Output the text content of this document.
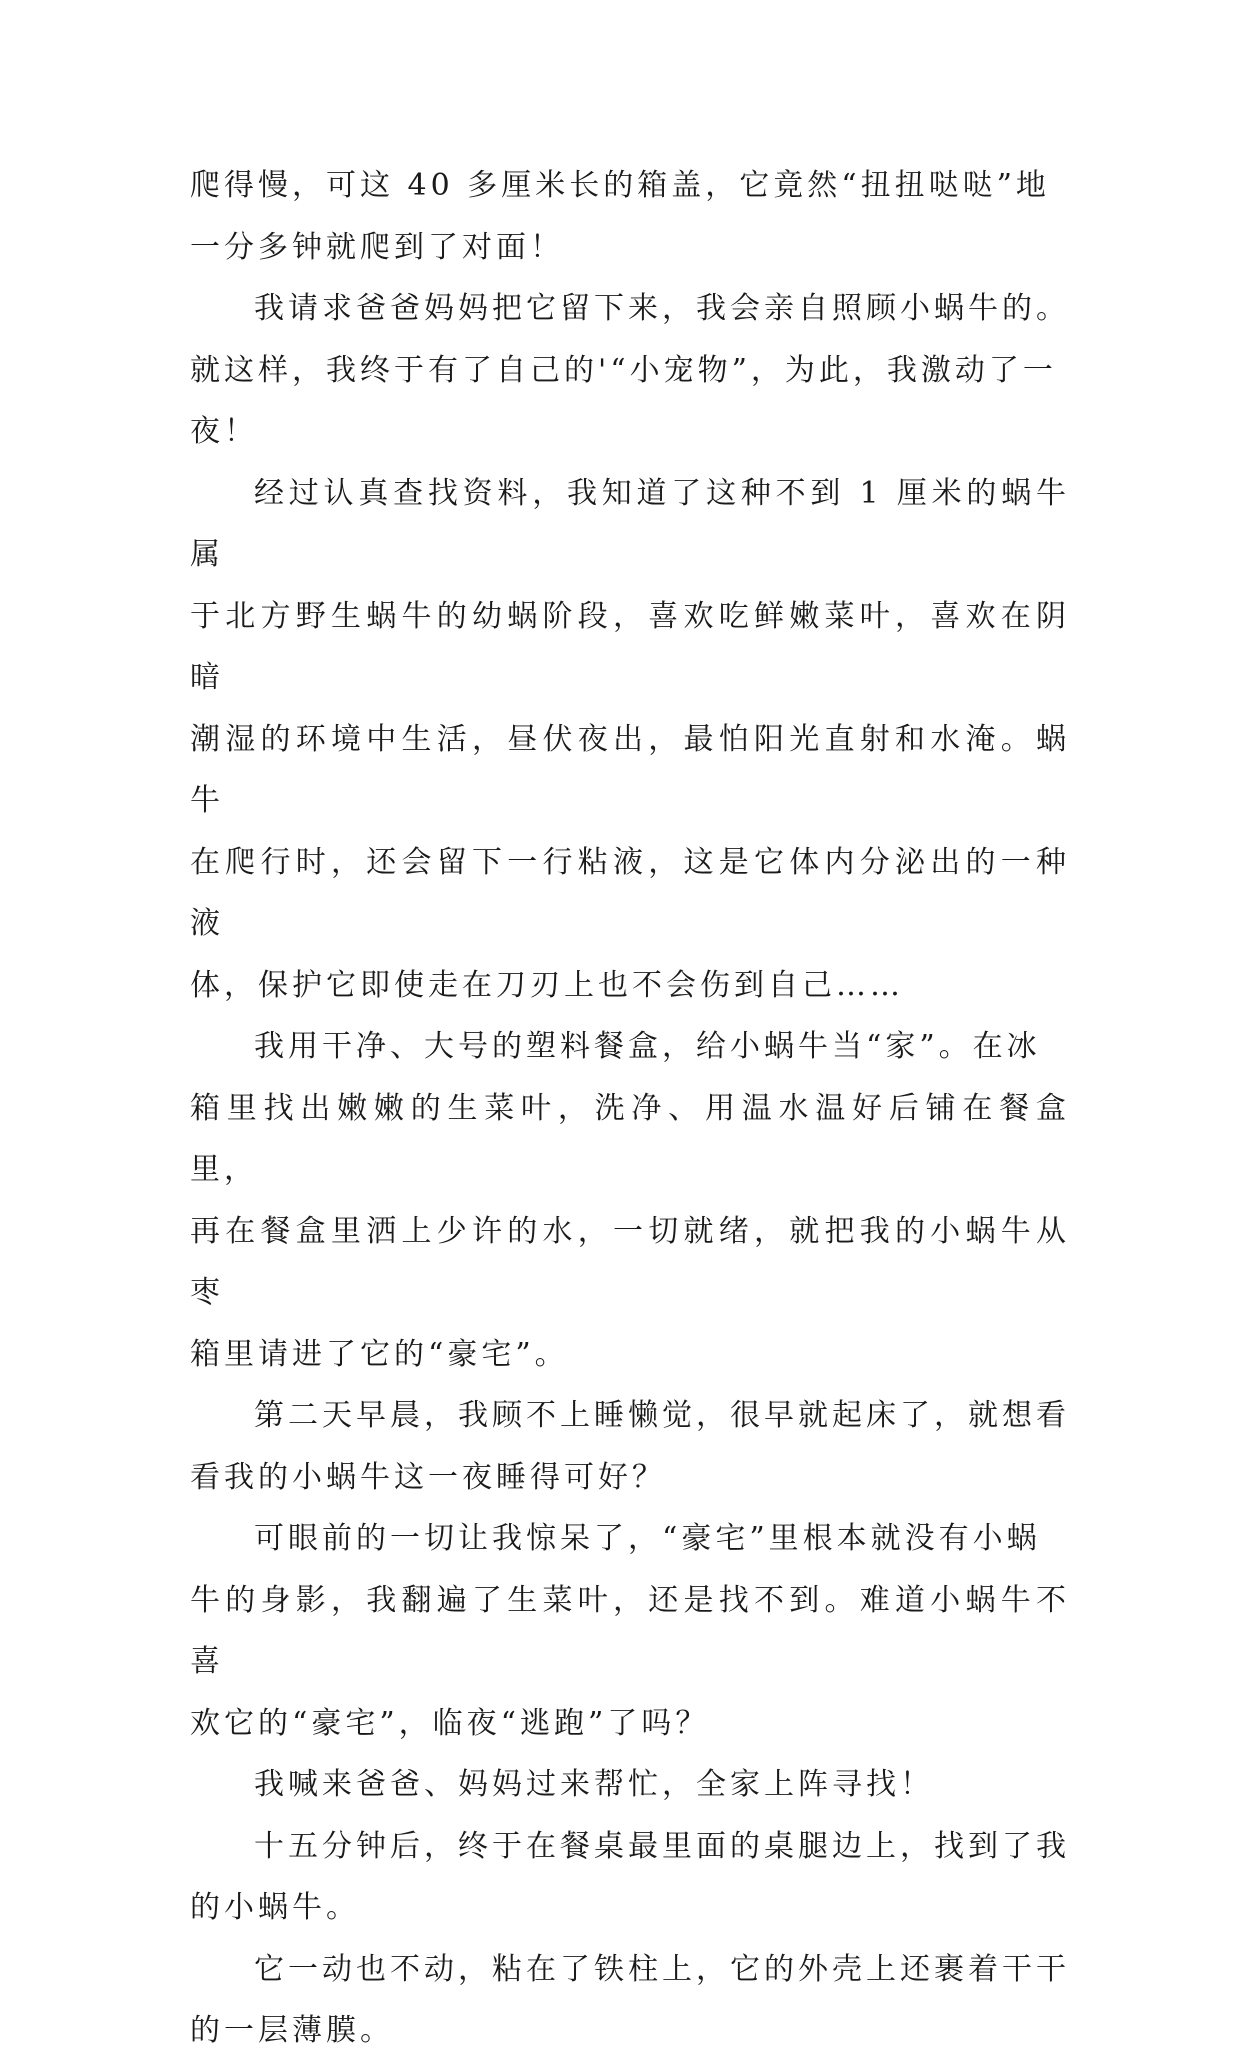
爬得慢，可这 40 多厘米长的箱盖，它竟然“扭扭哒哒”地
一分多钟就爬到了对面！

我请求爸爸妈妈把它留下来，我会亲自照顾小蜗牛的。
就这样，我终于有了自己的'“小宠物”，为此，我激动了一
夜！

经过认真查找资料，我知道了这种不到 1 厘米的蜗牛属
于北方野生蜗牛的幼蜗阶段，喜欢吃鲜嫩菜叶，喜欢在阴暗
潮湿的环境中生活，昼伏夜出，最怕阳光直射和水淹。蜗牛
在爬行时，还会留下一行粘液，这是它体内分泌出的一种液
体，保护它即使走在刀刃上也不会伤到自己……

我用干净、大号的塑料餐盒，给小蜗牛当“家”。在冰
箱里找出嫩嫩的生菜叶，洗净、用温水温好后铺在餐盒里，
再在餐盒里洒上少许的水，一切就绪，就把我的小蜗牛从枣
箱里请进了它的“豪宅”。

第二天早晨，我顾不上睡懒觉，很早就起床了，就想看
看我的小蜗牛这一夜睡得可好？

可眼前的一切让我惊呆了，“豪宅”里根本就没有小蜗
牛的身影，我翻遍了生菜叶，还是找不到。难道小蜗牛不喜
欢它的“豪宅”，临夜“逃跑”了吗？

我喊来爸爸、妈妈过来帮忙，全家上阵寻找！

十五分钟后，终于在餐桌最里面的桌腿边上，找到了我
的小蜗牛。

它一动也不动，粘在了铁柱上，它的外壳上还裹着干干
的一层薄膜。
